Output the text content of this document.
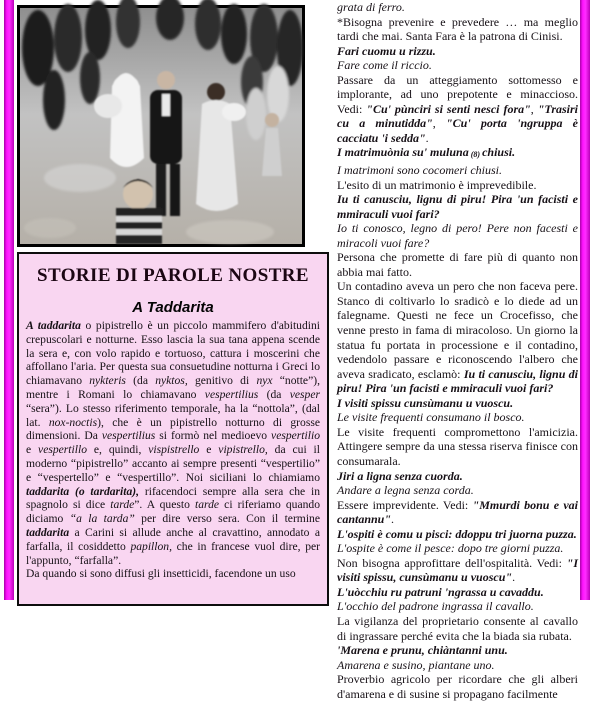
STORIE DI PAROLE NOSTRE
A Taddarita

A taddarita o pipistrello è un piccolo mammifero d'abitudini crepuscolari e notturne. Esso lascia la sua tana appena scende la sera e, con volo rapido e tortuoso, cattura i moscerini che affollano l'aria. Per questa sua consuetudine notturna i Greci lo chiamavano nykteris (da nyktos, genitivo di nyx “notte”), mentre i Romani lo chiamavano vespertilius (da vesper “sera”). Lo stesso riferimento temporale, ha la “nottola”, (dal lat. nox-noctis), che è un pipistrello notturno di grosse dimensioni. Da vespertilius si formò nel medioevo vespertilio e vespertillo e, quindi, vispistrello e vipistrello, da cui il moderno “pipistrello” accanto ai sempre presenti “vespertilio” e “vespertello” e “vespertillo”. Noi siciliani lo chiamiamo taddarita (o tardarita), rifacendoci sempre alla sera che in spagnolo si dice tarde”. A questo tarde ci riferiamo quando diciamo “a la tarda” per dire verso sera. Con il termine taddarita a Carini si allude anche al cravattino, annodato a farfalla, il cosiddetto papillon, che in francese vuol dire, per l'appunto, “farfalla”.

Da quando si sono diffusi gli insetticidi, facendone un uso

grata di ferro.

*Bisogna prevenire e prevedere … ma meglio tardi che mai. Santa Fara è la patrona di Cinisi.

Fari cuomu u rizzu.

Fare come il riccio.

Passare da un atteggiamento sottomesso e implorante, ad uno prepotente e minaccioso. Vedi: "Cu' pùnciri si senti nesci fora", "Trasiri cu a minutidda", "Cu' porta 'ngruppa è cacciatu 'i sedda".

I matrimuònia su' muluna (8) chiusi.

I matrimoni sono cocomeri chiusi.

L'esito di un matrimonio è imprevedibile.

Iu ti canusciu, lignu di piru! Pira 'un facisti e mmiraculi vuoi fari?

Io ti conosco, legno di pero! Pere non facesti e miracoli vuoi fare?

Persona che promette di fare più di quanto non abbia mai fatto.

Un contadino aveva un pero che non faceva pere. Stanco di coltivarlo lo sradicò e lo diede ad un falegname. Questi ne fece un Crocefisso, che venne presto in fama di miracoloso. Un giorno la statua fu portata in processione e il contadino, vedendolo passare e riconoscendo l'albero che aveva sradicato, esclamò: Iu ti canusciu, lignu di piru! Pira 'un facisti e mmiraculi vuoi fari?

I visiti spissu cunsùmanu u vuoscu.

Le visite frequenti consumano il bosco.

Le visite frequenti compromettono l'amicizia. Attingere sempre da una stessa riserva finisce con consumarala.

Jiri a ligna senza cuorda.

Andare a legna senza corda.

Essere imprevidente. Vedi: "Mmurdi bonu e vai cantannu".

L'ospiti è comu u pisci: ddoppu tri juorna puzza.

L'ospite è come il pesce: dopo tre giorni puzza.

Non bisogna approfittare dell'ospitalità. Vedi: "I visiti spissu, cunsùmanu u vuoscu".

L'uòcchiu ru patruni 'ngrassa u cavaddu.

L'occhio del padrone ingrassa il cavallo.

La vigilanza del proprietario consente al cavallo di ingrassare perché evita che la biada sia rubata.

'Marena e prunu, chiàntanni unu.

Amarena e susino, piantane uno.

Proverbio agricolo per ricordare che gli alberi d'amarena e di susine si propagano facilmente
